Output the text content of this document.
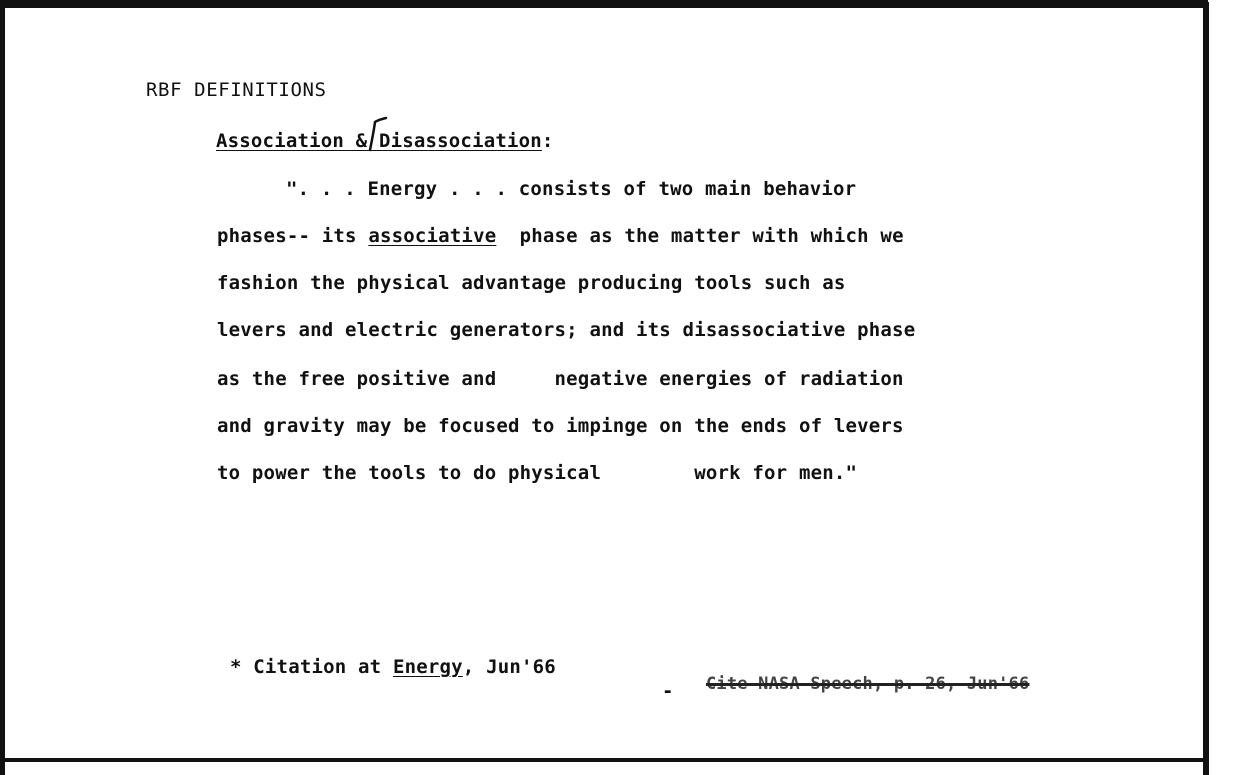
RBF DEFINITIONS
Association & Disassociation:
". . . Energy . . . consists of two main behavior
phases-- its associative  phase as the matter with which we
fashion the physical advantage producing tools such as
levers and electric generators; and its disassociative phase
as the free positive and     negative energies of radiation
and gravity may be focused to impinge on the ends of levers
to power the tools to do physical        work for men."
* Citation at Energy, Jun'66
- Cite NASA Speech, p. 26, Jun'66
